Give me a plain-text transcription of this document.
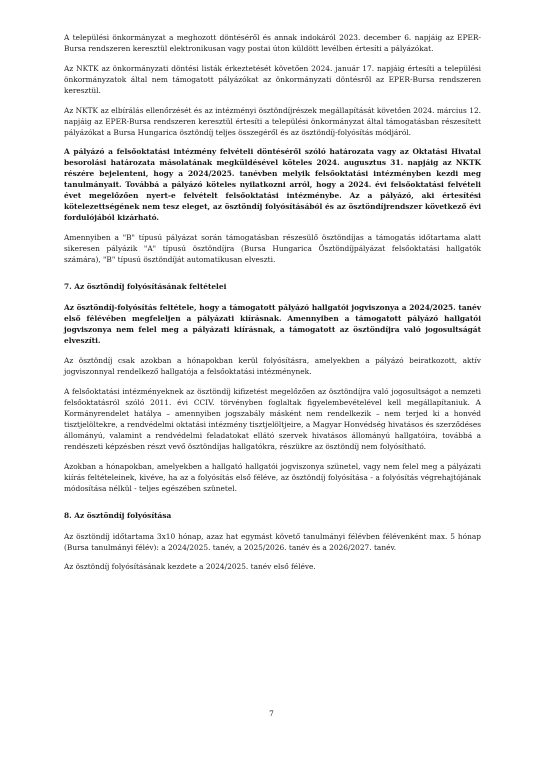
A települési önkormányzat a meghozott döntéséről és annak indokáról 2023. december 6. napjáig az EPER-Bursa rendszeren keresztül elektronikusan vagy postai úton küldött levélben értesíti a pályázókat.

Az NKTK az önkormányzati döntési listák érkeztetését követően 2024. január 17. napjáig értesíti a települési önkormányzatok által nem támogatott pályázókat az önkormányzati döntésről az EPER-Bursa rendszeren keresztül.

Az NKTK az elbírálás ellenőrzését és az intézményi ösztöndíjrészek megállapítását követően 2024. március 12. napjáig az EPER-Bursa rendszeren keresztül értesíti a települési önkormányzat által támogatásban részesített pályázókat a Bursa Hungarica ösztöndíj teljes összegéről és az ösztöndíj-folyósítás módjáról.

A pályázó a felsőoktatási intézmény felvételi döntéséről szóló határozata vagy az Oktatási Hivatal besorolási határozata másolatának megküldésével köteles 2024. augusztus 31. napjáig az NKTK részére bejelenteni, hogy a 2024/2025. tanévben melyik felsőoktatási intézményben kezdi meg tanulmányait. Továbbá a pályázó köteles nyilatkozni arról, hogy a 2024. évi felsőoktatási felvételi évet megelőzően nyert-e felvételt felsőoktatási intézménybe. Az a pályázó, aki értesítési kötelezettségének nem tesz eleget, az ösztöndíj folyósításából és az ösztöndíjrendszer következő évi fordulójából kizárható.

Amennyiben a "B" típusú pályázat során támogatásban részesülő ösztöndíjas a támogatás időtartama alatt sikeresen pályázik "A" típusú ösztöndíjra (Bursa Hungarica Ösztöndíjpályázat felsőoktatási hallgatók számára), "B" típusú ösztöndíját automatikusan elveszti.

7. Az ösztöndíj folyósításának feltételei

Az ösztöndíj-folyósítás feltétele, hogy a támogatott pályázó hallgatói jogviszonya a 2024/2025. tanév első félévében megfeleljen a pályázati kiírásnak. Amennyiben a támogatott pályázó hallgatói jogviszonya nem felel meg a pályázati kiírásnak, a támogatott az ösztöndíjra való jogosultságát elveszíti.

Az ösztöndíj csak azokban a hónapokban kerül folyósításra, amelyekben a pályázó beiratkozott, aktív jogviszonnyal rendelkező hallgatója a felsőoktatási intézménynek.

A felsőoktatási intézményeknek az ösztöndíj kifizetést megelőzően az ösztöndíjra való jogosultságot a nemzeti felsőoktatásról szóló 2011. évi CCIV. törvényben foglaltak figyelembevételével kell megállapítaniuk. A Kormányrendelet hatálya – amennyiben jogszabály másként nem rendelkezik – nem terjed ki a honvéd tisztjelöltekre, a rendvédelmi oktatási intézmény tisztjelöltjeire, a Magyar Honvédség hivatásos és szerződéses állományú, valamint a rendvédelmi feladatokat ellátó szervek hivatásos állományú hallgatóira, továbbá a rendészeti képzésben részt vevő ösztöndíjas hallgatókra, részükre az ösztöndíj nem folyósítható.

Azokban a hónapokban, amelyekben a hallgató hallgatói jogviszonya szünetel, vagy nem felel meg a pályázati kiírás feltételeinek, kivéve, ha az a folyósítás első féléve, az ösztöndíj folyósítása - a folyósítás végrehajtójának módosítása nélkül - teljes egészében szünetel.

8. Az ösztöndíj folyósítása

Az ösztöndíj időtartama 3x10 hónap, azaz hat egymást követő tanulmányi félévben félévenként max. 5 hónap (Bursa tanulmányi félév): a 2024/2025. tanév, a 2025/2026. tanév és a 2026/2027. tanév.

Az ösztöndíj folyósításának kezdete a 2024/2025. tanév első féléve.

7
